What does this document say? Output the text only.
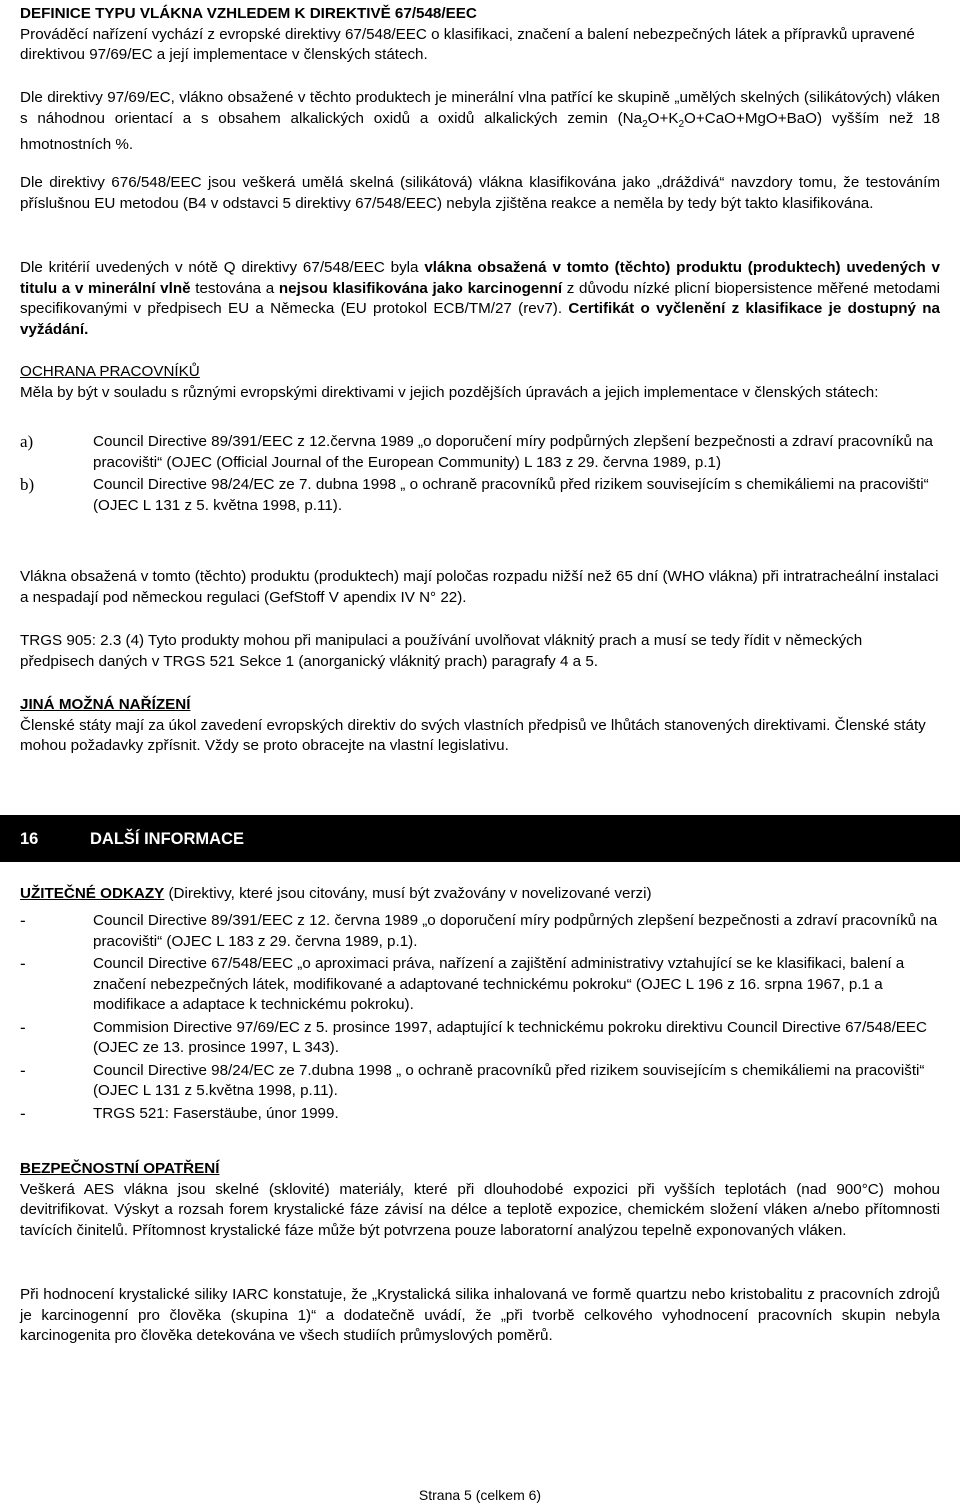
DEFINICE TYPU VLÁKNA VZHLEDEM K DIREKTIVĚ 67/548/EEC

Prováděcí nařízení vychází z evropské direktivy 67/548/EEC o klasifikaci, značení a balení nebezpečných látek a přípravků upravené direktivou 97/69/EC a její implementace v členských státech.

Dle direktivy 97/69/EC, vlákno obsažené v těchto produktech je minerální vlna patřící ke skupině „umělých skelných (silikátových) vláken s náhodnou orientací a s obsahem alkalických oxidů a oxidů alkalických zemin $(Na_2O+K_2O+CaO+MgO+BaO)$ vyšším než 18 hmotnostních %.

Dle direktivy 676/548/EEC jsou veškerá umělá skelná (silikátová) vlákna klasifikována jako „dráždivá“ navzdory tomu, že testováním příslušnou EU metodou (B4 v odstavci 5 direktivy 67/548/EEC) nebyla zjištěna reakce a neměla by tedy být takto klasifikována.

Dle kritérií uvedených v nótě Q direktivy 67/548/EEC byla vlákna obsažená v tomto (těchto) produktu (produktech) uvedených v titulu a v minerální vlně testována a nejsou klasifikována jako karcinogenní z důvodu nízké plicní biopersistence měřené metodami specifikovanými v předpisech EU a Německa (EU protokol ECB/TM/27 (rev7). Certifikát o vyčlenění z klasifikace je dostupný na vyžádání.

OCHRANA PRACOVNÍKŮ

Měla by být v souladu s různými evropskými direktivami v jejich pozdějších úpravách a jejich implementace v členských státech:

a)	Council Directive 89/391/EEC z 12.června 1989 „o doporučení míry podpůrných zlepšení bezpečnosti a zdraví pracovníků na pracovišti“ (OJEC (Official Journal of the European Community) L 183 z 29. června 1989, p.1)

b)	Council Directive 98/24/EC ze 7. dubna 1998 „ o ochraně pracovníků před rizikem souvisejícím s chemikáliemi na pracovišti“ (OJEC L 131 z 5. května 1998, p.11).

Vlákna obsažená v tomto (těchto) produktu (produktech) mají poločas rozpadu nižší než 65 dní (WHO vlákna) při intratracheální instalaci a nespadají pod německou regulaci (GefStoff V apendix IV N° 22).

TRGS 905: 2.3 (4) Tyto produkty mohou při manipulaci a používání uvolňovat vláknitý prach a musí se tedy řídit v německých předpisech daných v TRGS 521 Sekce 1 (anorganický vláknitý prach) paragrafy 4 a 5.

JINÁ MOŽNÁ NAŘÍZENÍ

Členské státy mají za úkol zavedení evropských direktiv do svých vlastních předpisů ve lhůtách stanovených direktivami. Členské státy mohou požadavky zpřísnit. Vždy se proto obracejte na vlastní legislativu.

16	DALŠÍ INFORMACE

UŽITEČNÉ ODKAZY (Direktivy, které jsou citovány, musí být zvažovány v novelizované verzi)

-	Council Directive 89/391/EEC z 12. června 1989 „o doporučení míry podpůrných zlepšení bezpečnosti a zdraví pracovníků na pracovišti“ (OJEC L 183 z 29. června 1989, p.1).

-	Council Directive 67/548/EEC „o aproximaci práva, nařízení a zajištění administrativy vztahující se ke klasifikaci, balení a značení nebezpečných látek, modifikované a adaptované technickému pokroku“ (OJEC L 196 z 16. srpna 1967, p.1 a modifikace a adaptace k technickému pokroku).

-	Commision Directive 97/69/EC z 5. prosince 1997, adaptující k technickému pokroku direktivu Council Directive 67/548/EEC (OJEC ze 13. prosince 1997, L 343).

-	Council Directive 98/24/EC ze 7.dubna 1998 „ o ochraně pracovníků před rizikem souvisejícím s chemikáliemi na pracovišti“ (OJEC L 131 z 5.května 1998, p.11).

-	TRGS 521: Faserstäube, únor 1999.

BEZPEČNOSTNÍ OPATŘENÍ

Veškerá AES vlákna jsou skelné (sklovité) materiály, které při dlouhodobé expozici při vyšších teplotách (nad 900°C) mohou devitrifikovat. Výskyt a rozsah forem krystalické fáze závisí na délce a teplotě expozice, chemickém složení vláken a/nebo přítomnosti tavících činitelů. Přítomnost krystalické fáze může být potvrzena pouze laboratorní analýzou tepelně exponovaných vláken.

Při hodnocení krystalické siliky IARC konstatuje, že „Krystalická silika inhalovaná ve formě quartzu nebo kristobalitu z pracovních zdrojů je karcinogenní pro člověka (skupina 1)“ a dodatečně uvádí, že „při tvorbě celkového vyhodnocení pracovních skupin nebyla karcinogenita pro člověka detekována ve všech studiích průmyslových poměrů.

Strana 5 (celkem 6)
